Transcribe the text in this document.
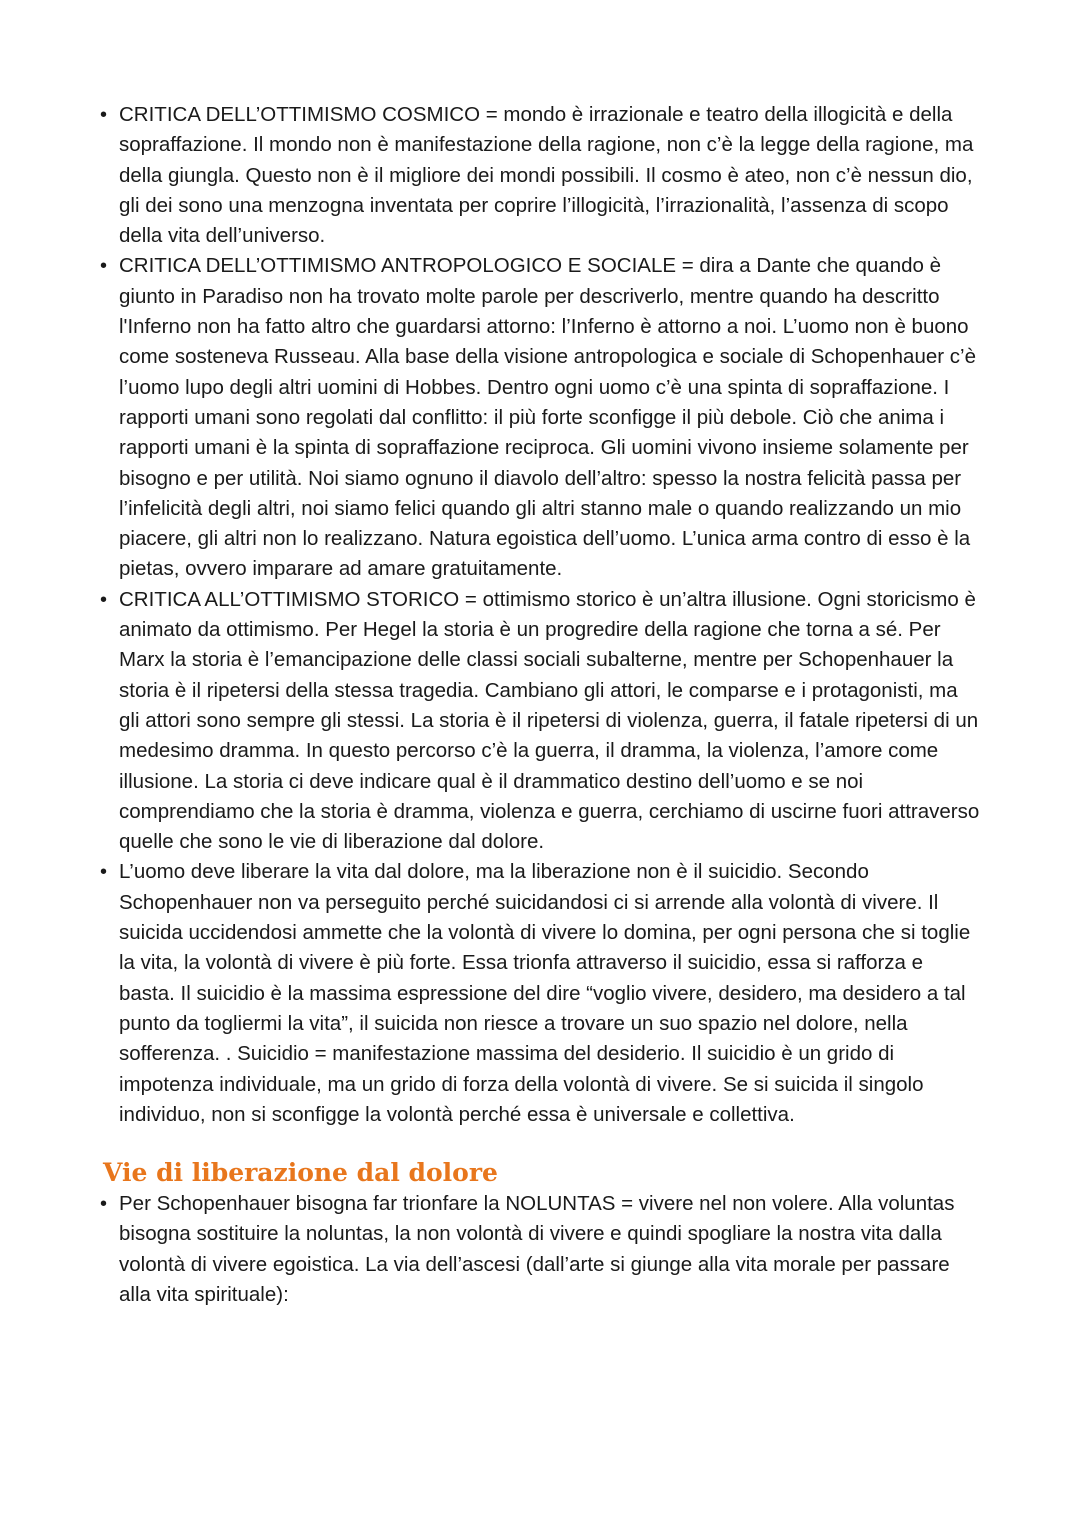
• CRITICA DELL’OTTIMISMO COSMICO = mondo è irrazionale e teatro della illogicità e della sopraffazione. Il mondo non è manifestazione della ragione, non c’è la legge della ragione, ma della giungla. Questo non è il migliore dei mondi possibili. Il cosmo è ateo, non c’è nessun dio, gli dei sono una menzogna inventata per coprire l’illogicità, l’irrazionalità, l’assenza di scopo della vita dell’universo.
• CRITICA DELL’OTTIMISMO ANTROPOLOGICO E SOCIALE = dira a Dante che quando è giunto in Paradiso non ha trovato molte parole per descriverlo, mentre quando ha descritto l'Inferno non ha fatto altro che guardarsi attorno: l’Inferno è attorno a noi. L’uomo non è buono come sosteneva Russeau. Alla base della visione antropologica e sociale di Schopenhauer c’è l’uomo lupo degli altri uomini di Hobbes. Dentro ogni uomo c’è una spinta di sopraffazione. I rapporti umani sono regolati dal conflitto: il più forte sconfigge il più debole. Ciò che anima i rapporti umani è la spinta di sopraffazione reciproca. Gli uomini vivono insieme solamente per bisogno e per utilità. Noi siamo ognuno il diavolo dell’altro: spesso la nostra felicità passa per l’infelicità degli altri, noi siamo felici quando gli altri stanno male o quando realizzando un mio piacere, gli altri non lo realizzano. Natura egoistica dell’uomo. L’unica arma contro di esso è la pietas, ovvero imparare ad amare gratuitamente.
• CRITICA ALL’OTTIMISMO STORICO = ottimismo storico è un’altra illusione. Ogni storicismo è animato da ottimismo. Per Hegel la storia è un progredire della ragione che torna a sé. Per Marx la storia è l’emancipazione delle classi sociali subalterne, mentre per Schopenhauer la storia è il ripetersi della stessa tragedia. Cambiano gli attori, le comparse e i protagonisti, ma gli attori sono sempre gli stessi. La storia è il ripetersi di violenza, guerra, il fatale ripetersi di un medesimo dramma. In questo percorso c’è la guerra, il dramma, la violenza, l’amore come illusione. La storia ci deve indicare qual è il drammatico destino dell’uomo e se noi comprendiamo che la storia è dramma, violenza e guerra, cerchiamo di uscirne fuori attraverso quelle che sono le vie di liberazione dal dolore.
• L’uomo deve liberare la vita dal dolore, ma la liberazione non è il suicidio. Secondo Schopenhauer non va perseguito perché suicidandosi ci si arrende alla volontà di vivere. Il suicida uccidendosi ammette che la volontà di vivere lo domina, per ogni persona che si toglie la vita, la volontà di vivere è più forte. Essa trionfa attraverso il suicidio, essa si rafforza e basta. Il suicidio è la massima espressione del dire “voglio vivere, desidero, ma desidero a tal punto da togliermi la vita”, il suicida non riesce a trovare un suo spazio nel dolore, nella sofferenza. . Suicidio = manifestazione massima del desiderio. Il suicidio è un grido di impotenza individuale, ma un grido di forza della volontà di vivere. Se si suicida il singolo individuo, non si sconfigge la volontà perché essa è universale e collettiva.
Vie di liberazione dal dolore
• Per Schopenhauer bisogna far trionfare la NOLUNTAS = vivere nel non volere. Alla voluntas bisogna sostituire la noluntas, la non volontà di vivere e quindi spogliare la nostra vita dalla volontà di vivere egoistica. La via dell’ascesi (dall’arte si giunge alla vita morale per passare alla vita spirituale):
